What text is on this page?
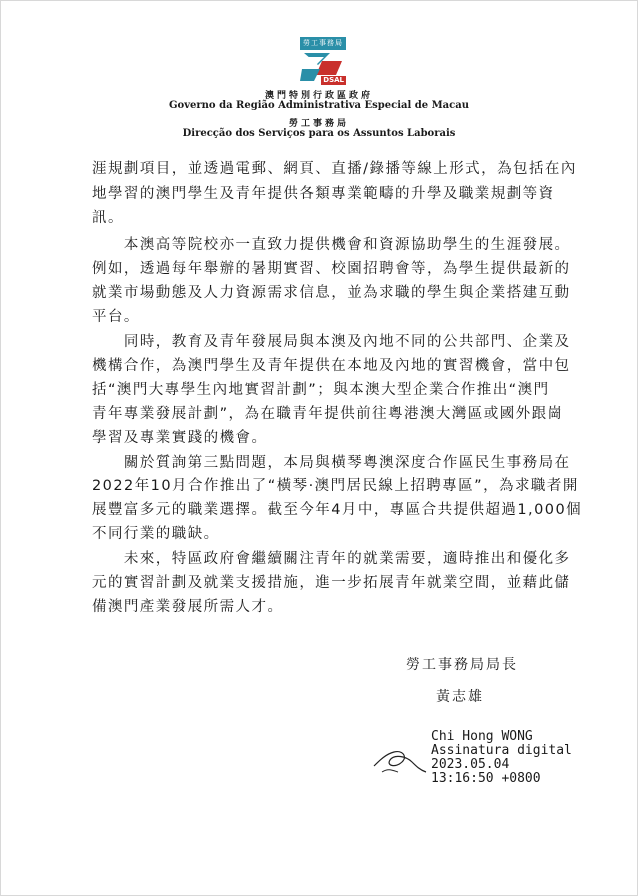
勞工事務局
DSAL
澳門特別行政區政府
Governo da Região Administrativa Especial de Macau
勞工事務局
Direcção dos Serviços para os Assuntos Laborais
涯規劃項目，並透過電郵、網頁、直播/錄播等線上形式，為包括在內
地學習的澳門學生及青年提供各類專業範疇的升學及職業規劃等資
訊。
　　本澳高等院校亦一直致力提供機會和資源協助學生的生涯發展。
例如，透過每年舉辦的暑期實習、校園招聘會等，為學生提供最新的
就業市場動態及人力資源需求信息，並為求職的學生與企業搭建互動
平台。
　　同時，教育及青年發展局與本澳及內地不同的公共部門、企業及
機構合作，為澳門學生及青年提供在本地及內地的實習機會，當中包
括“澳門大專學生內地實習計劃”；與本澳大型企業合作推出“澳門
青年專業發展計劃”，為在職青年提供前往粵港澳大灣區或國外跟崗
學習及專業實踐的機會。
　　關於質詢第三點問題，本局與橫琴粵澳深度合作區民生事務局在
2022年10月合作推出了“橫琴·澳門居民線上招聘專區”，為求職者開
展豐富多元的職業選擇。截至今年4月中，專區合共提供超過1,000個
不同行業的職缺。
　　未來，特區政府會繼續關注青年的就業需要，適時推出和優化多
元的實習計劃及就業支援措施，進一步拓展青年就業空間，並藉此儲
備澳門產業發展所需人才。
勞工事務局局長
黃志雄
Chi Hong WONG
Assinatura digital
2023.05.04
13:16:50 +0800
